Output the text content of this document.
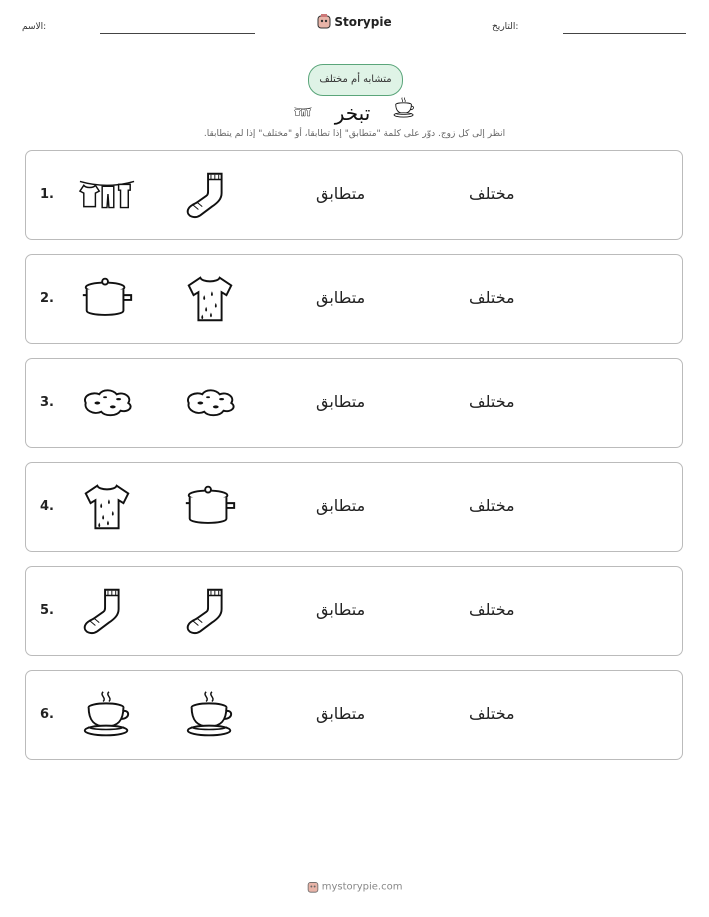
الاسم:	Storypie	التاريخ:
متشابه أم مختلف
تبخر
انظر إلى كل زوج. دوّر على كلمة "متطابق" إذا تطابقا، أو "مختلف" إذا لم يتطابقا.
1.	متطابق	مختلف
2.	متطابق	مختلف
3.	متطابق	مختلف
4.	متطابق	مختلف
5.	متطابق	مختلف
6.	متطابق	مختلف
mystorypie.com
